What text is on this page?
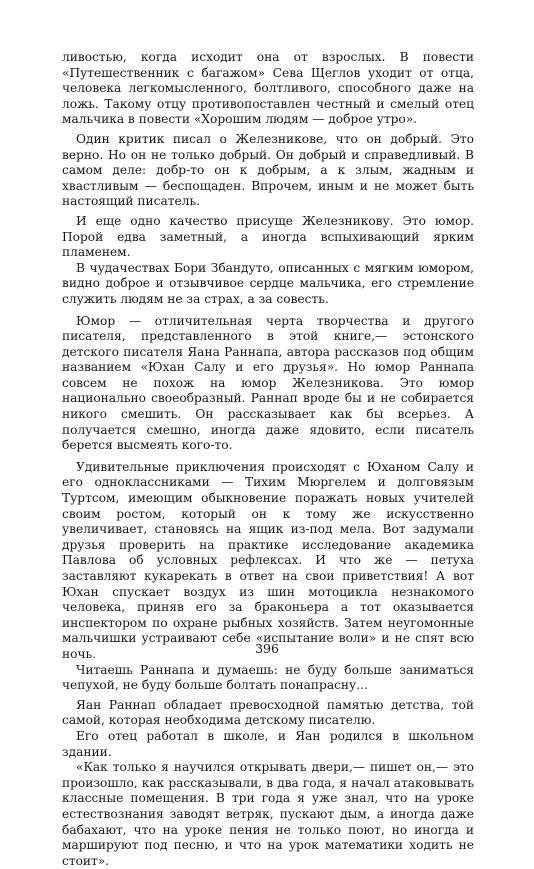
ливостью, когда исходит она от взрослых. В повести «Путешественник с багажом» Сева Щеглов уходит от отца, человека легкомысленного, болтливого, способного даже на ложь. Такому отцу противопоставлен честный и смелый отец мальчика в повести «Хорошим людям — доброе утро».

Один критик писал о Железникове, что он добрый. Это верно. Но он не только добрый. Он добрый и справедливый. В самом деле: добр-то он к добрым, а к злым, жадным и хвастливым — беспощаден. Впрочем, иным и не может быть настоящий писатель.

И еще одно качество присуще Железникову. Это юмор. Порой едва заметный, а иногда вспыхивающий ярким пламенем.

В чудачествах Бори Збандуто, описанных с мягким юмором, видно доброе и отзывчивое сердце мальчика, его стремление служить людям не за страх, а за совесть.

Юмор — отличительная черта творчества и другого писателя, представленного в этой книге,— эстонского детского писателя Яана Раннапа, автора рассказов под общим названием «Юхан Салу и его друзья». Но юмор Раннапа совсем не похож на юмор Железникова. Это юмор национально своеобразный. Раннап вроде бы и не собирается никого смешить. Он рассказывает как бы всерьез. А получается смешно, иногда даже ядовито, если писатель берется высмеять кого-то.

Удивительные приключения происходят с Юханом Салу и его одноклассниками — Тихим Мюргелем и долговязым Туртсом, имеющим обыкновение поражать новых учителей своим ростом, который он к тому же искусственно увеличивает, становясь на ящик из-под мела. Вот задумали друзья проверить на практике исследование академика Павлова об условных рефлексах. И что же — петуха заставляют кукарекать в ответ на свои приветствия! А вот Юхан спускает воздух из шин мотоцикла незнакомого человека, приняв его за браконьера а тот оказывается инспектором по охране рыбных хозяйств. Затем неугомонные мальчишки устраивают себе «испытание воли» и не спят всю ночь.

Читаешь Раннапа и думаешь: не буду больше заниматься чепухой, не буду больше болтать понапрасну...

Яан Раннап обладает превосходной памятью детства, той самой, которая необходима детскому писателю.

Его отец работал в школе, и Яан родился в школьном здании.

«Как только я научился открывать двери,— пишет он,— это произошло, как рассказывали, в два года, я начал атаковывать классные помещения. В три года я уже знал, что на уроке естествознания заводят ветряк, пускают дым, а иногда даже бабахают, что на уроке пения не только поют, но иногда и маршируют под песню, и что на урок математики ходить не стоит».

396
